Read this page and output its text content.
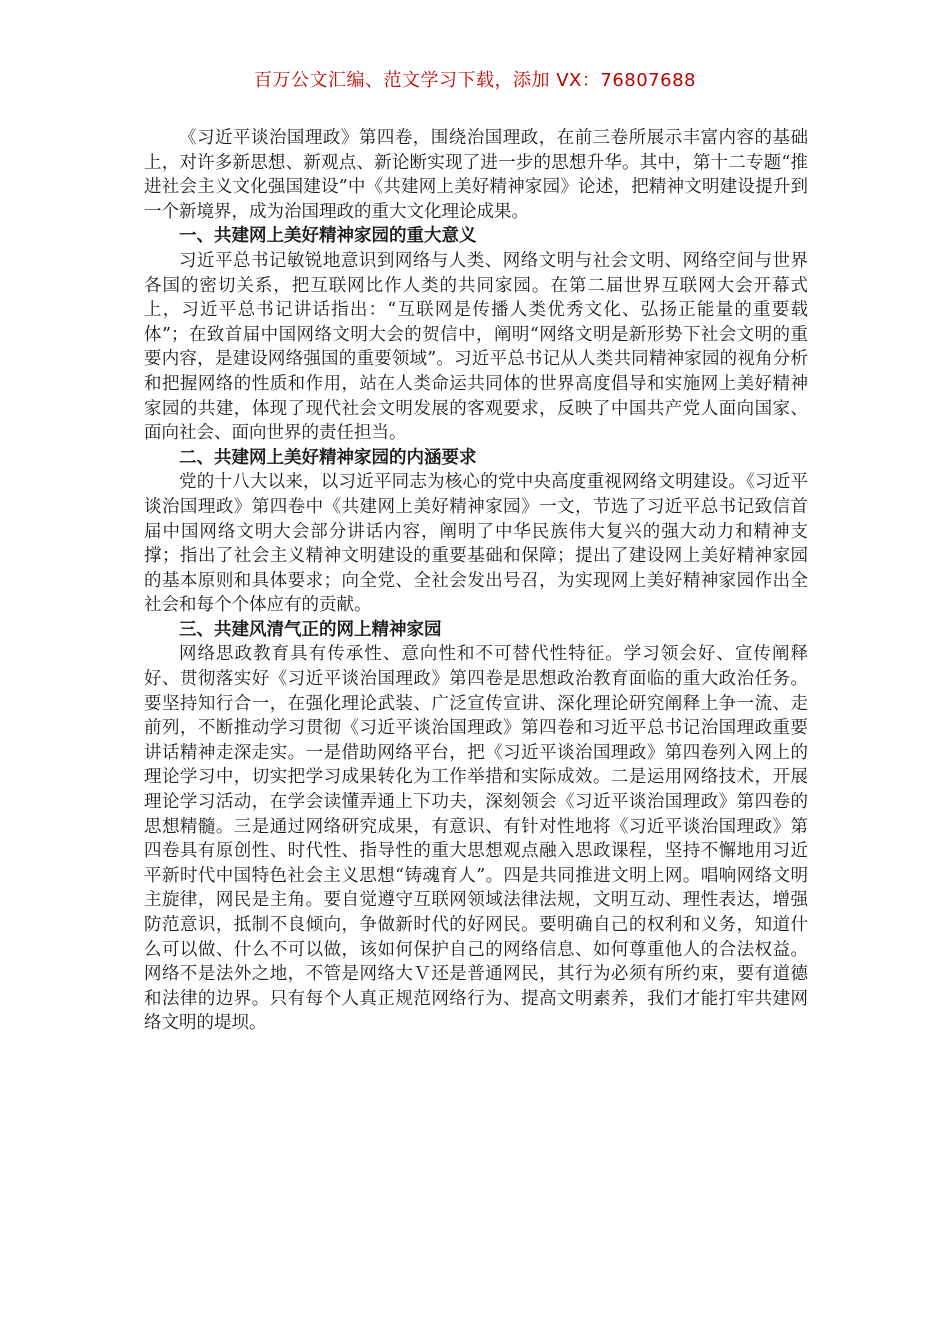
百万公文汇编、范文学习下载，添加 VX：76807688

《习近平谈治国理政》第四卷，围绕治国理政，在前三卷所展示丰富内容的基础上，对许多新思想、新观点、新论断实现了进一步的思想升华。其中，第十二专题“推进社会主义文化强国建设”中《共建网上美好精神家园》论述，把精神文明建设提升到一个新境界，成为治国理政的重大文化理论成果。

一、共建网上美好精神家园的重大意义

习近平总书记敏锐地意识到网络与人类、网络文明与社会文明、网络空间与世界各国的密切关系，把互联网比作人类的共同家园。在第二届世界互联网大会开幕式上，习近平总书记讲话指出：“互联网是传播人类优秀文化、弘扬正能量的重要载体”；在致首届中国网络文明大会的贺信中，阐明“网络文明是新形势下社会文明的重要内容，是建设网络强国的重要领域”。习近平总书记从人类共同精神家园的视角分析和把握网络的性质和作用，站在人类命运共同体的世界高度倡导和实施网上美好精神家园的共建，体现了现代社会文明发展的客观要求，反映了中国共产党人面向国家、面向社会、面向世界的责任担当。

二、共建网上美好精神家园的内涵要求

党的十八大以来，以习近平同志为核心的党中央高度重视网络文明建设。《习近平谈治国理政》第四卷中《共建网上美好精神家园》一文，节选了习近平总书记致信首届中国网络文明大会部分讲话内容，阐明了中华民族伟大复兴的强大动力和精神支撑；指出了社会主义精神文明建设的重要基础和保障；提出了建设网上美好精神家园的基本原则和具体要求；向全党、全社会发出号召，为实现网上美好精神家园作出全社会和每个个体应有的贡献。

三、共建风清气正的网上精神家园

网络思政教育具有传承性、意向性和不可替代性特征。学习领会好、宣传阐释好、贯彻落实好《习近平谈治国理政》第四卷是思想政治教育面临的重大政治任务。要坚持知行合一，在强化理论武装、广泛宣传宣讲、深化理论研究阐释上争一流、走前列，不断推动学习贯彻《习近平谈治国理政》第四卷和习近平总书记治国理政重要讲话精神走深走实。一是借助网络平台，把《习近平谈治国理政》第四卷列入网上的理论学习中，切实把学习成果转化为工作举措和实际成效。二是运用网络技术，开展理论学习活动，在学会读懂弄通上下功夫，深刻领会《习近平谈治国理政》第四卷的思想精髓。三是通过网络研究成果，有意识、有针对性地将《习近平谈治国理政》第四卷具有原创性、时代性、指导性的重大思想观点融入思政课程，坚持不懈地用习近平新时代中国特色社会主义思想“铸魂育人”。四是共同推进文明上网。唱响网络文明主旋律，网民是主角。要自觉遵守互联网领域法律法规，文明互动、理性表达，增强防范意识，抵制不良倾向，争做新时代的好网民。要明确自己的权利和义务，知道什么可以做、什么不可以做，该如何保护自己的网络信息、如何尊重他人的合法权益。网络不是法外之地，不管是网络大Ｖ还是普通网民，其行为必须有所约束，要有道德和法律的边界。只有每个人真正规范网络行为、提高文明素养，我们才能打牢共建网络文明的堤坝。
